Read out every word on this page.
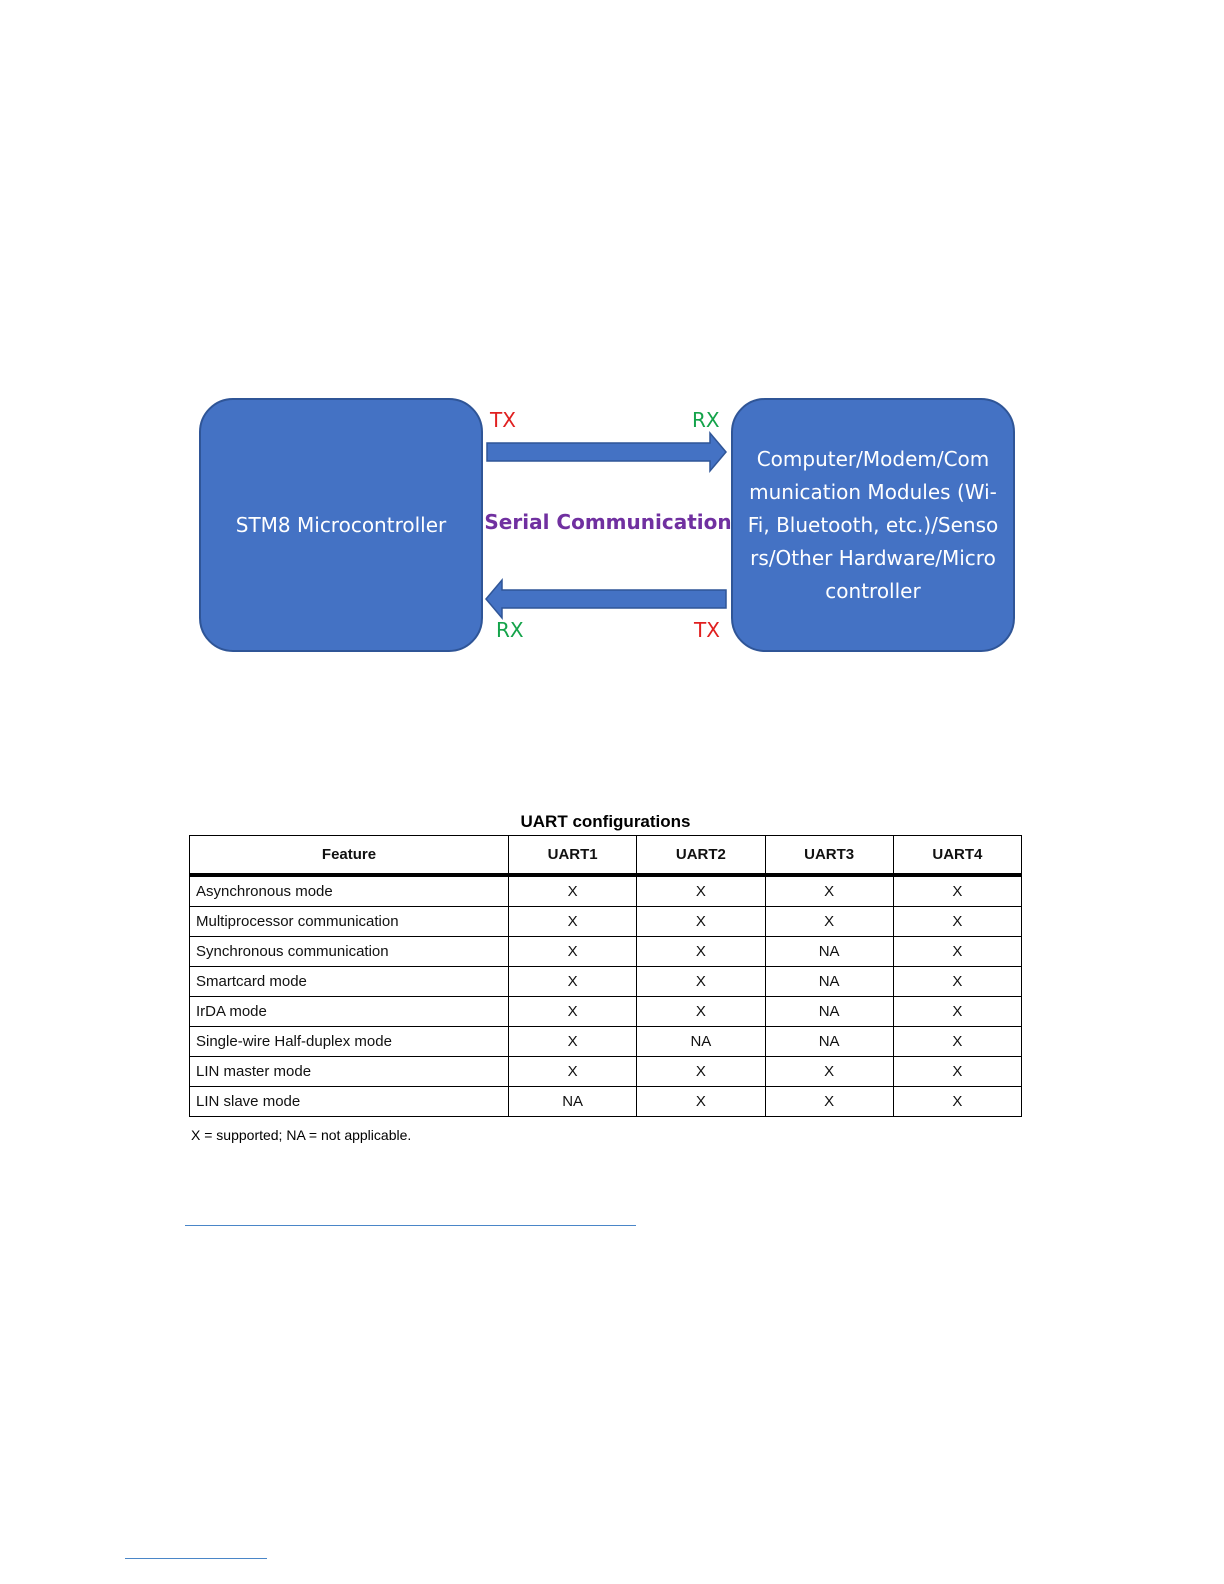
STM8 Microcontroller
Computer/Modem/Communication Modules (Wi-Fi, Bluetooth, etc.)/Sensors/Other Hardware/Microcontroller
TX	RX
Serial Communication
RX	TX
UART configurations
Feature	UART1	UART2	UART3	UART4
Asynchronous mode	X	X	X	X
Multiprocessor communication	X	X	X	X
Synchronous communication	X	X	NA	X
Smartcard mode	X	X	NA	X
IrDA mode	X	X	NA	X
Single-wire Half-duplex mode	X	NA	NA	X
LIN master mode	X	X	X	X
LIN slave mode	NA	X	X	X
X = supported; NA = not applicable.
